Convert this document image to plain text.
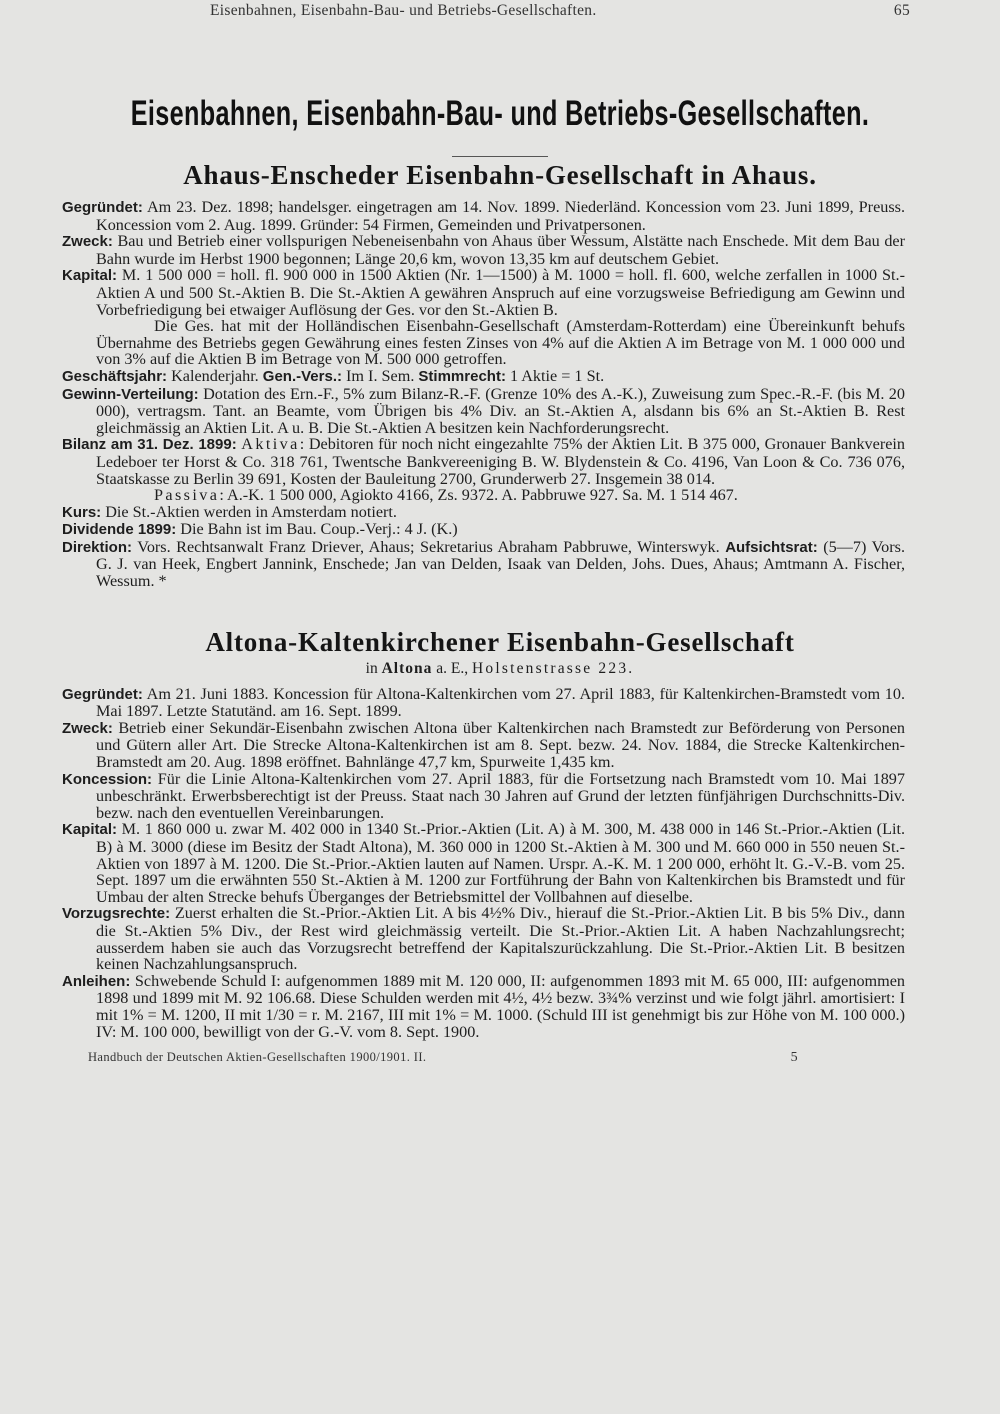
Eisenbahnen, Eisenbahn-Bau- und Betriebs-Gesellschaften.	65
Eisenbahnen, Eisenbahn-Bau- und Betriebs-Gesellschaften.
Ahaus-Enscheder Eisenbahn-Gesellschaft in Ahaus.

Gegründet: Am 23. Dez. 1898; handelsger. eingetragen am 14. Nov. 1899. Niederländ. Koncession vom 23. Juni 1899, Preuss. Koncession vom 2. Aug. 1899. Gründer: 54 Firmen, Gemeinden und Privatpersonen.

Zweck: Bau und Betrieb einer vollspurigen Nebeneisenbahn von Ahaus über Wessum, Alstätte nach Enschede. Mit dem Bau der Bahn wurde im Herbst 1900 begonnen; Länge 20,6 km, wovon 13,35 km auf deutschem Gebiet.

Kapital: M. 1 500 000 = holl. fl. 900 000 in 1500 Aktien (Nr. 1—1500) à M. 1000 = holl. fl. 600, welche zerfallen in 1000 St.-Aktien A und 500 St.-Aktien B. Die St.-Aktien A gewähren Anspruch auf eine vorzugsweise Befriedigung am Gewinn und Vorbefriedigung bei etwaiger Auflösung der Ges. vor den St.-Aktien B.

Die Ges. hat mit der Holländischen Eisenbahn-Gesellschaft (Amsterdam-Rotterdam) eine Übereinkunft behufs Übernahme des Betriebs gegen Gewährung eines festen Zinses von 4% auf die Aktien A im Betrage von M. 1 000 000 und von 3% auf die Aktien B im Betrage von M. 500 000 getroffen.

Geschäftsjahr: Kalenderjahr. Gen.-Vers.: Im I. Sem. Stimmrecht: 1 Aktie = 1 St.

Gewinn-Verteilung: Dotation des Ern.-F., 5% zum Bilanz-R.-F. (Grenze 10% des A.-K.), Zuweisung zum Spec.-R.-F. (bis M. 20 000), vertragsm. Tant. an Beamte, vom Übrigen bis 4% Div. an St.-Aktien A, alsdann bis 6% an St.-Aktien B. Rest gleichmässig an Aktien Lit. A u. B. Die St.-Aktien A besitzen kein Nachforderungsrecht.

Bilanz am 31. Dez. 1899: Aktiva: Debitoren für noch nicht eingezahlte 75% der Aktien Lit. B 375 000, Gronauer Bankverein Ledeboer ter Horst & Co. 318 761, Twentsche Bankvereeniging B. W. Blydenstein & Co. 4196, Van Loon & Co. 736 076, Staatskasse zu Berlin 39 691, Kosten der Bauleitung 2700, Grunderwerb 27. Insgemein 38 014.

Passiva: A.-K. 1 500 000, Agiokto 4166, Zs. 9372. A. Pabbruwe 927. Sa. M. 1 514 467.

Kurs: Die St.-Aktien werden in Amsterdam notiert.

Dividende 1899: Die Bahn ist im Bau. Coup.-Verj.: 4 J. (K.)

Direktion: Vors. Rechtsanwalt Franz Driever, Ahaus; Sekretarius Abraham Pabbruwe, Winterswyk. Aufsichtsrat: (5—7) Vors. G. J. van Heek, Engbert Jannink, Enschede; Jan van Delden, Isaak van Delden, Johs. Dues, Ahaus; Amtmann A. Fischer, Wessum. *

Altona-Kaltenkirchener Eisenbahn-Gesellschaft
in Altona a. E., Holstenstrasse 223.

Gegründet: Am 21. Juni 1883. Koncession für Altona-Kaltenkirchen vom 27. April 1883, für Kaltenkirchen-Bramstedt vom 10. Mai 1897. Letzte Statutänd. am 16. Sept. 1899.

Zweck: Betrieb einer Sekundär-Eisenbahn zwischen Altona über Kaltenkirchen nach Bramstedt zur Beförderung von Personen und Gütern aller Art. Die Strecke Altona-Kaltenkirchen ist am 8. Sept. bezw. 24. Nov. 1884, die Strecke Kaltenkirchen-Bramstedt am 20. Aug. 1898 eröffnet. Bahnlänge 47,7 km, Spurweite 1,435 km.

Koncession: Für die Linie Altona-Kaltenkirchen vom 27. April 1883, für die Fortsetzung nach Bramstedt vom 10. Mai 1897 unbeschränkt. Erwerbsberechtigt ist der Preuss. Staat nach 30 Jahren auf Grund der letzten fünfjährigen Durchschnitts-Div. bezw. nach den eventuellen Vereinbarungen.

Kapital: M. 1 860 000 u. zwar M. 402 000 in 1340 St.-Prior.-Aktien (Lit. A) à M. 300, M. 438 000 in 146 St.-Prior.-Aktien (Lit. B) à M. 3000 (diese im Besitz der Stadt Altona), M. 360 000 in 1200 St.-Aktien à M. 300 und M. 660 000 in 550 neuen St.-Aktien von 1897 à M. 1200. Die St.-Prior.-Aktien lauten auf Namen. Urspr. A.-K. M. 1 200 000, erhöht lt. G.-V.-B. vom 25. Sept. 1897 um die erwähnten 550 St.-Aktien à M. 1200 zur Fortführung der Bahn von Kaltenkirchen bis Bramstedt und für Umbau der alten Strecke behufs Überganges der Betriebsmittel der Vollbahnen auf dieselbe.

Vorzugsrechte: Zuerst erhalten die St.-Prior.-Aktien Lit. A bis 4½% Div., hierauf die St.-Prior.-Aktien Lit. B bis 5% Div., dann die St.-Aktien 5% Div., der Rest wird gleichmässig verteilt. Die St.-Prior.-Aktien Lit. A haben Nachzahlungsrecht; ausserdem haben sie auch das Vorzugsrecht betreffend der Kapitalszurückzahlung. Die St.-Prior.-Aktien Lit. B besitzen keinen Nachzahlungsanspruch.

Anleihen: Schwebende Schuld I: aufgenommen 1889 mit M. 120 000, II: aufgenommen 1893 mit M. 65 000, III: aufgenommen 1898 und 1899 mit M. 92 106.68. Diese Schulden werden mit 4½, 4½ bezw. 3¾% verzinst und wie folgt jährl. amortisiert: I mit 1% = M. 1200, II mit 1/30 = r. M. 2167, III mit 1% = M. 1000. (Schuld III ist genehmigt bis zur Höhe von M. 100 000.) IV: M. 100 000, bewilligt von der G.-V. vom 8. Sept. 1900.

Handbuch der Deutschen Aktien-Gesellschaften 1900/1901. II.	5
